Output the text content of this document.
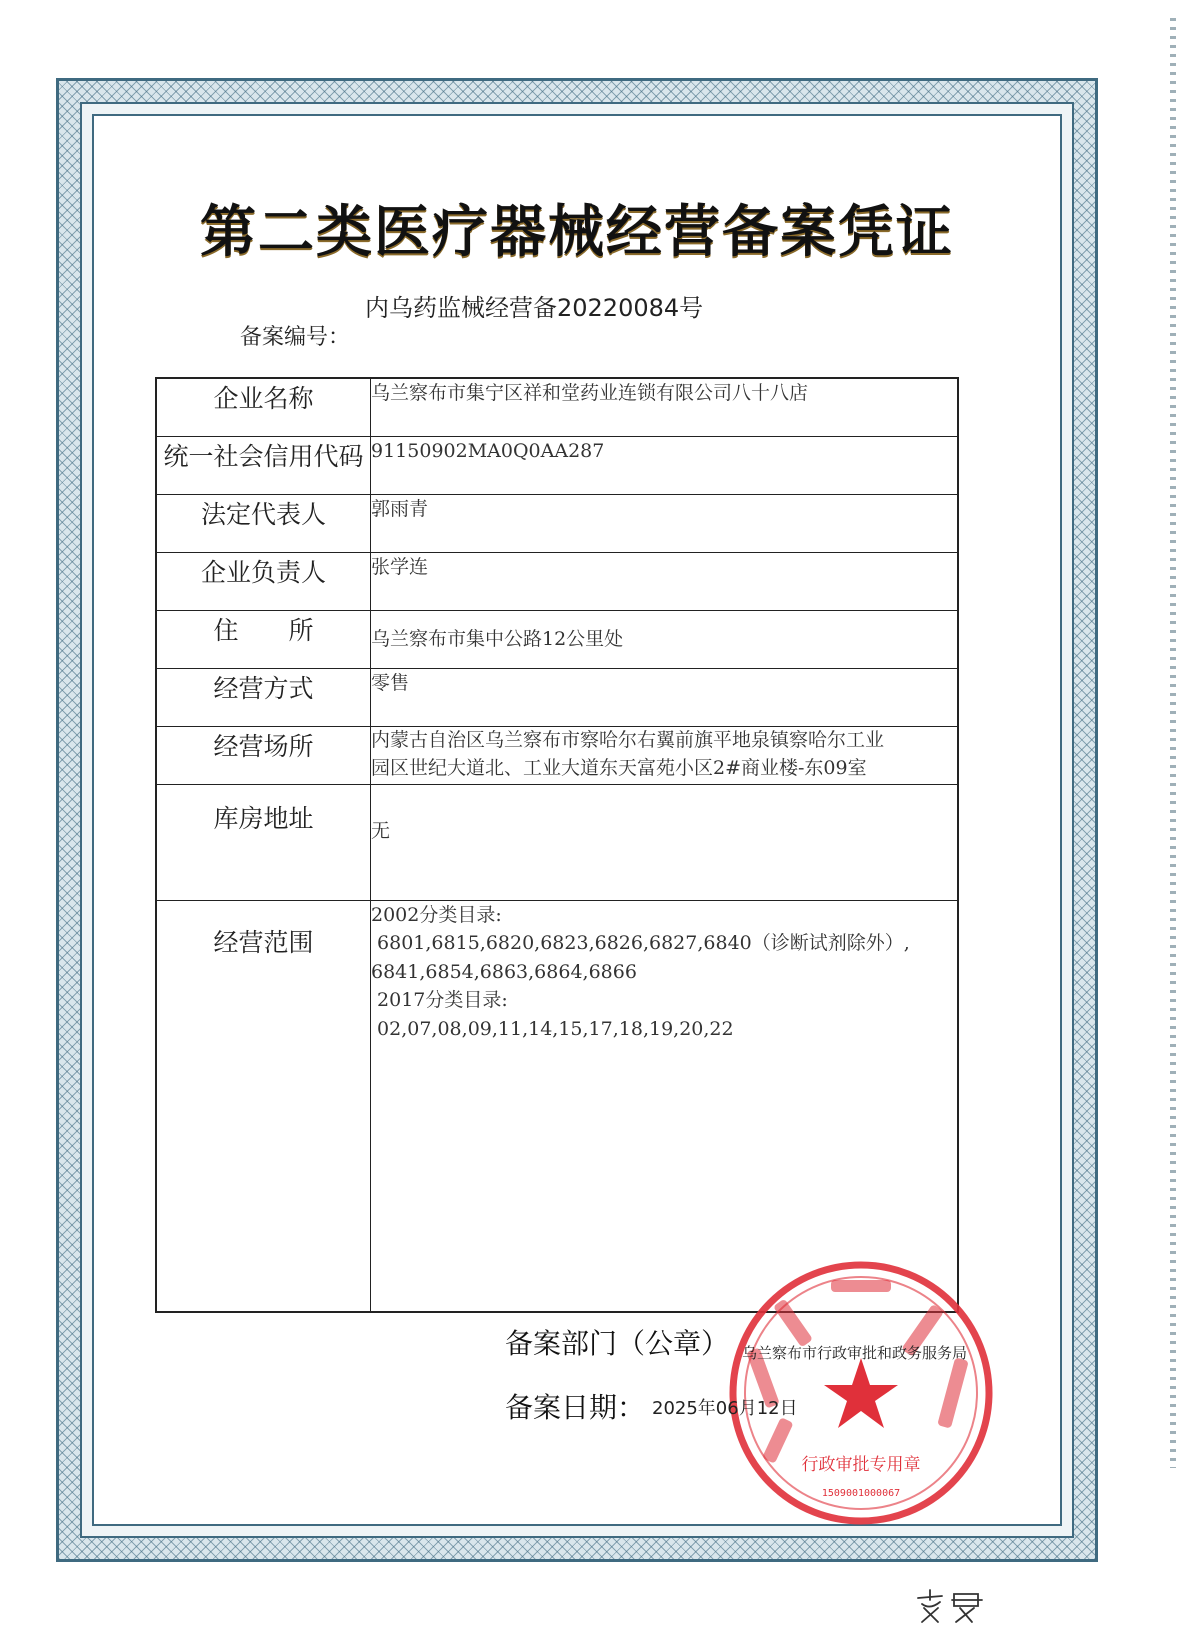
第二类医疗器械经营备案凭证
内乌药监械经营备20220084号
备案编号：
企业名称	乌兰察布市集宁区祥和堂药业连锁有限公司八十八店
统一社会信用代码	91150902MA0Q0AA287
法定代表人	郭雨青
企业负责人	张学连
住　　所	乌兰察布市集中公路12公里处
经营方式	零售
经营场所	内蒙古自治区乌兰察布市察哈尔右翼前旗平地泉镇察哈尔工业
园区世纪大道北、工业大道东天富苑小区2#商业楼-东09室

库房地址	无
经营范围	2002分类目录:
6801,6815,6820,6823,6826,6827,6840（诊断试剂除外）,
6841,6854,6863,6864,6866
2017分类目录:
02,07,08,09,11,14,15,17,18,19,20,22
行政审批专用章
1509001000067
备案部门（公章） 乌兰察布市行政审批和政务服务局
备案日期： 2025年06月12日
